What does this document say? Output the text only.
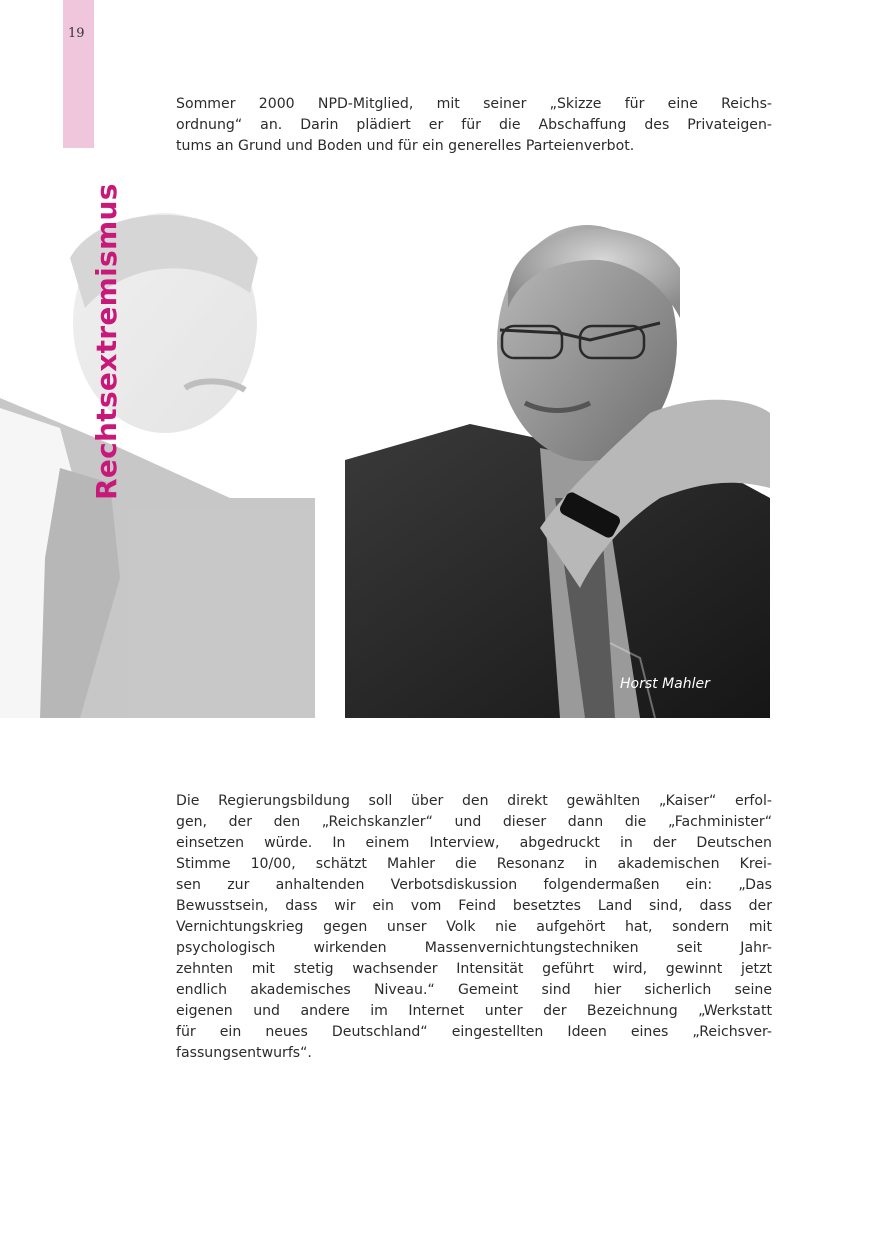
19

Sommer 2000 NPD-Mitglied, mit seiner „Skizze für eine Reichs-
ordnung“ an. Darin plädiert er für die Abschaffung des Privateigen-
tums an Grund und Boden und für ein generelles Parteienverbot.

Horst Mahler
Rechtsextremismus

Die Regierungsbildung soll über den direkt gewählten „Kaiser“ erfol-
gen, der den „Reichskanzler“ und dieser dann die „Fachminister“
einsetzen würde. In einem Interview, abgedruckt in der Deutschen
Stimme 10/00, schätzt Mahler die Resonanz in akademischen Krei-
sen zur anhaltenden Verbotsdiskussion folgendermaßen ein: „Das
Bewusstsein, dass wir ein vom Feind besetztes Land sind, dass der
Vernichtungskrieg gegen unser Volk nie aufgehört hat, sondern mit
psychologisch wirkenden Massenvernichtungstechniken seit Jahr-
zehnten mit stetig wachsender Intensität geführt wird, gewinnt jetzt
endlich akademisches Niveau.“ Gemeint sind hier sicherlich seine
eigenen und andere im Internet unter der Bezeichnung „Werkstatt
für ein neues Deutschland“ eingestellten Ideen eines „Reichsver-
fassungsentwurfs“.
